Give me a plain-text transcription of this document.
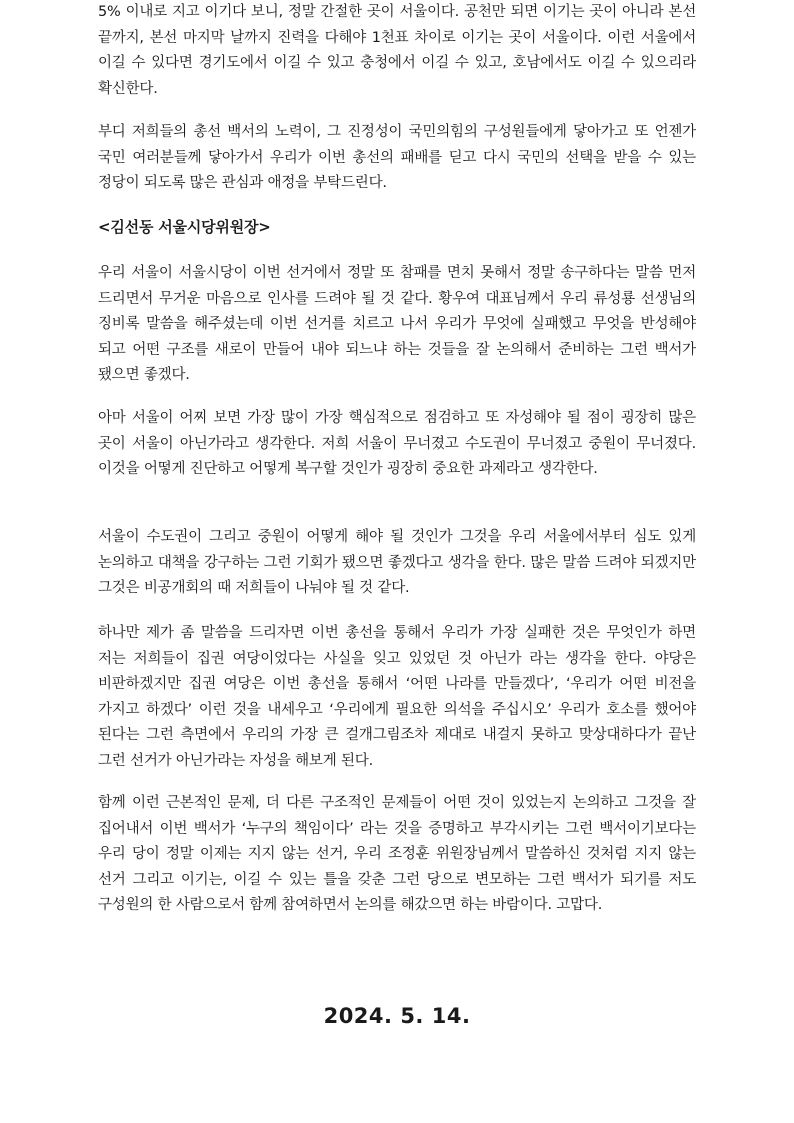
5% 이내로 지고 이기다 보니, 정말 간절한 곳이 서울이다. 공천만 되면 이기는 곳이 아니라 본선 끝까지, 본선 마지막 날까지 진력을 다해야 1천표 차이로 이기는 곳이 서울이다. 이런 서울에서 이길 수 있다면 경기도에서 이길 수 있고 충청에서 이길 수 있고, 호남에서도 이길 수 있으리라 확신한다.

부디 저희들의 총선 백서의 노력이, 그 진정성이 국민의힘의 구성원들에게 닿아가고 또 언젠가 국민 여러분들께 닿아가서 우리가 이번 총선의 패배를 딛고 다시 국민의 선택을 받을 수 있는 정당이 되도록 많은 관심과 애정을 부탁드린다.

<김선동 서울시당위원장>

우리 서울이 서울시당이 이번 선거에서 정말 또 참패를 면치 못해서 정말 송구하다는 말씀 먼저 드리면서 무거운 마음으로 인사를 드려야 될 것 같다. 황우여 대표님께서 우리 류성룡 선생님의 징비록 말씀을 해주셨는데 이번 선거를 치르고 나서 우리가 무엇에 실패했고 무엇을 반성해야 되고 어떤 구조를 새로이 만들어 내야 되느냐 하는 것들을 잘 논의해서 준비하는 그런 백서가 됐으면 좋겠다.

아마 서울이 어찌 보면 가장 많이 가장 핵심적으로 점검하고 또 자성해야 될 점이 굉장히 많은 곳이 서울이 아닌가라고 생각한다. 저희 서울이 무너졌고 수도권이 무너졌고 중원이 무너졌다. 이것을 어떻게 진단하고 어떻게 복구할 것인가 굉장히 중요한 과제라고 생각한다.

서울이 수도권이 그리고 중원이 어떻게 해야 될 것인가 그것을 우리 서울에서부터 심도 있게 논의하고 대책을 강구하는 그런 기회가 됐으면 좋겠다고 생각을 한다. 많은 말씀 드려야 되겠지만 그것은 비공개회의 때 저희들이 나눠야 될 것 같다.

하나만 제가 좀 말씀을 드리자면 이번 총선을 통해서 우리가 가장 실패한 것은 무엇인가 하면 저는 저희들이 집권 여당이었다는 사실을 잊고 있었던 것 아닌가 라는 생각을 한다. 야당은 비판하겠지만 집권 여당은 이번 총선을 통해서 ‘어떤 나라를 만들겠다’, ‘우리가 어떤 비전을 가지고 하겠다’ 이런 것을 내세우고 ‘우리에게 필요한 의석을 주십시오’ 우리가 호소를 했어야 된다는 그런 측면에서 우리의 가장 큰 걸개그림조차 제대로 내걸지 못하고 맞상대하다가 끝난 그런 선거가 아닌가라는 자성을 해보게 된다.

함께 이런 근본적인 문제, 더 다른 구조적인 문제들이 어떤 것이 있었는지 논의하고 그것을 잘 집어내서 이번 백서가 ‘누구의 책임이다’ 라는 것을 증명하고 부각시키는 그런 백서이기보다는 우리 당이 정말 이제는 지지 않는 선거, 우리 조정훈 위원장님께서 말씀하신 것처럼 지지 않는 선거 그리고 이기는, 이길 수 있는 틀을 갖춘 그런 당으로 변모하는 그런 백서가 되기를 저도 구성원의 한 사람으로서 함께 참여하면서 논의를 해갔으면 하는 바람이다. 고맙다.

2024. 5. 14.
